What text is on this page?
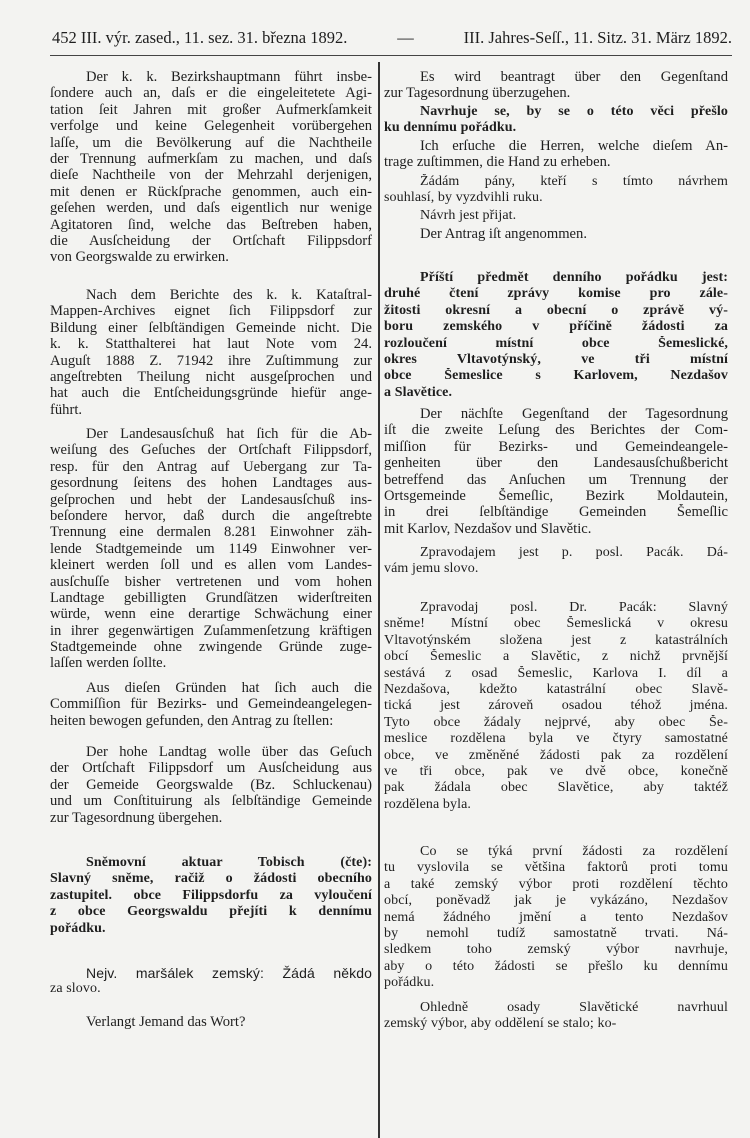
452 III. výr. zased., 11. sez. 31. března 1892.	—	III. Jahres-Seſſ., 11. Sitz. 31. März 1892.
Der k. k. Bezirkshauptmann führt insbe-
ſondere auch an, daſs er die eingeleitetete Agi-
tation ſeit Jahren mit großer Aufmerkſamkeit
verfolge und keine Gelegenheit vorübergehen
laſſe, um die Bevölkerung auf die Nachtheile
der Trennung aufmerkſam zu machen, und daſs
dieſe Nachtheile von der Mehrzahl derjenigen,
mit denen er Rückſprache genommen, auch ein-
geſehen werden, und daſs eigentlich nur wenige
Agitatoren ſind, welche das Beſtreben haben,
die Ausſcheidung der Ortſchaft Filippsdorf
von Georgswalde zu erwirken.
Nach dem Berichte des k. k. Kataſtral-
Mappen-Archives eignet ſich Filippsdorf zur
Bildung einer ſelbſtändigen Gemeinde nicht. Die
k. k. Statthalterei hat laut Note vom 24.
Auguſt 1888 Z. 71942 ihre Zuſtimmung zur
angeſtrebten Theilung nicht ausgeſprochen und
hat auch die Entſcheidungsgründe hiefür ange-
führt.
Der Landesausſchuß hat ſich für die Ab-
weiſung des Geſuches der Ortſchaft Filippsdorf,
resp. für den Antrag auf Uebergang zur Ta-
gesordnung ſeitens des hohen Landtages aus-
geſprochen und hebt der Landesausſchuß ins-
beſondere hervor, daß durch die angeſtrebte
Trennung eine dermalen 8.281 Einwohner zäh-
lende Stadtgemeinde um 1149 Einwohner ver-
kleinert werden ſoll und es allen vom Landes-
ausſchuſſe bisher vertretenen und vom hohen
Landtage gebilligten Grundſätzen widerſtreiten
würde, wenn eine derartige Schwächung einer
in ihrer gegenwärtigen Zuſammenſetzung kräftigen
Stadtgemeinde ohne zwingende Gründe zuge-
laſſen werden ſollte.
Aus dieſen Gründen hat ſich auch die
Commiſſion für Bezirks- und Gemeindeangelegen-
heiten bewogen gefunden, den Antrag zu ſtellen:
Der hohe Landtag wolle über das Geſuch
der Ortſchaft Filippsdorf um Ausſcheidung aus
der Gemeide Georgswalde (Bz. Schluckenau)
und um Conſtituirung als ſelbſtändige Gemeinde
zur Tagesordnung übergehen.
Sněmovní aktuar Tobisch (čte):
Slavný sněme, račiž o žádosti obecního
zastupitel. obce Filippsdorfu za vyloučení
z obce Georgswaldu přejíti k dennímu
pořádku.
Nejv. maršálek zemský: Žádá někdo
za slovo.
Verlangt Jemand das Wort?
Es wird beantragt über den Gegenſtand
zur Tagesordnung überzugehen.
Navrhuje se, by se o této věci přešlo
ku dennímu pořádku.
Ich erſuche die Herren, welche dieſem An-
trage zuſtimmen, die Hand zu erheben.
Žádám pány, kteří s tímto návrhem
souhlasí, by vyzdvihli ruku.
Návrh jest přijat.
Der Antrag iſt angenommen.
Příští předmět denního pořádku jest:
druhé čtení zprávy komise pro zále-
žitosti okresní a obecní o zprávě vý-
boru zemského v příčině žádosti za
rozloučení místní obce Šemeslické,
okres Vltavotýnský, ve tři místní
obce Šemeslice s Karlovem, Nezdašov
a Slavětice.
Der nächſte Gegenſtand der Tagesordnung
iſt die zweite Leſung des Berichtes der Com-
miſſion für Bezirks- und Gemeindeangele-
genheiten über den Landesausſchußbericht
betreffend das Anſuchen um Trennung der
Ortsgemeinde Šemeſlic, Bezirk Moldautein,
in drei ſelbſtändige Gemeinden Šemeſlic
mit Karlov, Nezdašov und Slavětic.
Zpravodajem jest p. posl. Pacák. Dá-
vám jemu slovo.
Zpravodaj posl. Dr. Pacák: Slavný
sněme! Místní obec Šemeslická v okresu
Vltavotýnském složena jest z katastrálních
obcí Šemeslic a Slavětic, z nichž prvnější
sestává z osad Šemeslic, Karlova I. díl a
Nezdašova, kdežto katastrální obec Slavě-
tická jest zároveň osadou téhož jména.
Tyto obce žádaly nejprvé, aby obec Še-
meslice rozdělena byla ve čtyry samostatné
obce, ve změněné žádosti pak za rozdělení
ve tři obce, pak ve dvě obce, konečně
pak žádala obec Slavětice, aby taktéž
rozdělena byla.
Co se týká první žádosti za rozdělení
tu vyslovila se většina faktorů proti tomu
a také zemský výbor proti rozdělení těchto
obcí, poněvadž jak je vykázáno, Nezdašov
nemá žádného jmění a tento Nezdašov
by nemohl tudíž samostatně trvati. Ná-
sledkem toho zemský výbor navrhuje,
aby o této žádosti se přešlo ku dennímu
pořádku.
Ohledně osady Slavětické navrhuul
zemský výbor, aby oddělení se stalo; ko-
